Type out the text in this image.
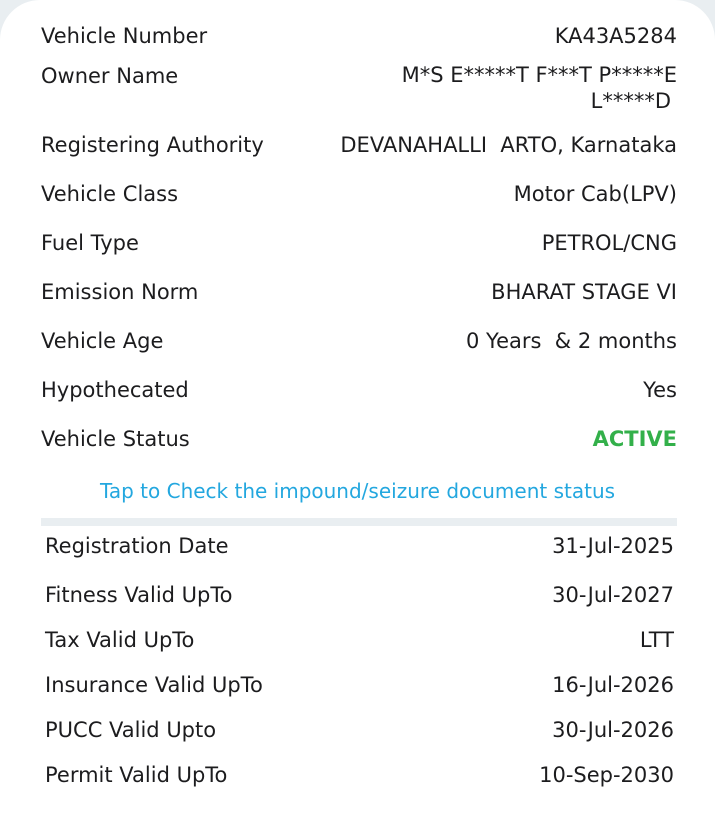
Vehicle Number	KA43A5284
Owner Name	M*S E*****T F***T P*****E
L*****D
Registering Authority	DEVANAHALLI  ARTO, Karnataka
Vehicle Class	Motor Cab(LPV)
Fuel Type	PETROL/CNG
Emission Norm	BHARAT STAGE VI
Vehicle Age	0 Years  & 2 months
Hypothecated	Yes
Vehicle Status	ACTIVE
Tap to Check the impound/seizure document status
Registration Date	31-Jul-2025
Fitness Valid UpTo	30-Jul-2027
Tax Valid UpTo	LTT
Insurance Valid UpTo	16-Jul-2026
PUCC Valid Upto	30-Jul-2026
Permit Valid UpTo	10-Sep-2030
